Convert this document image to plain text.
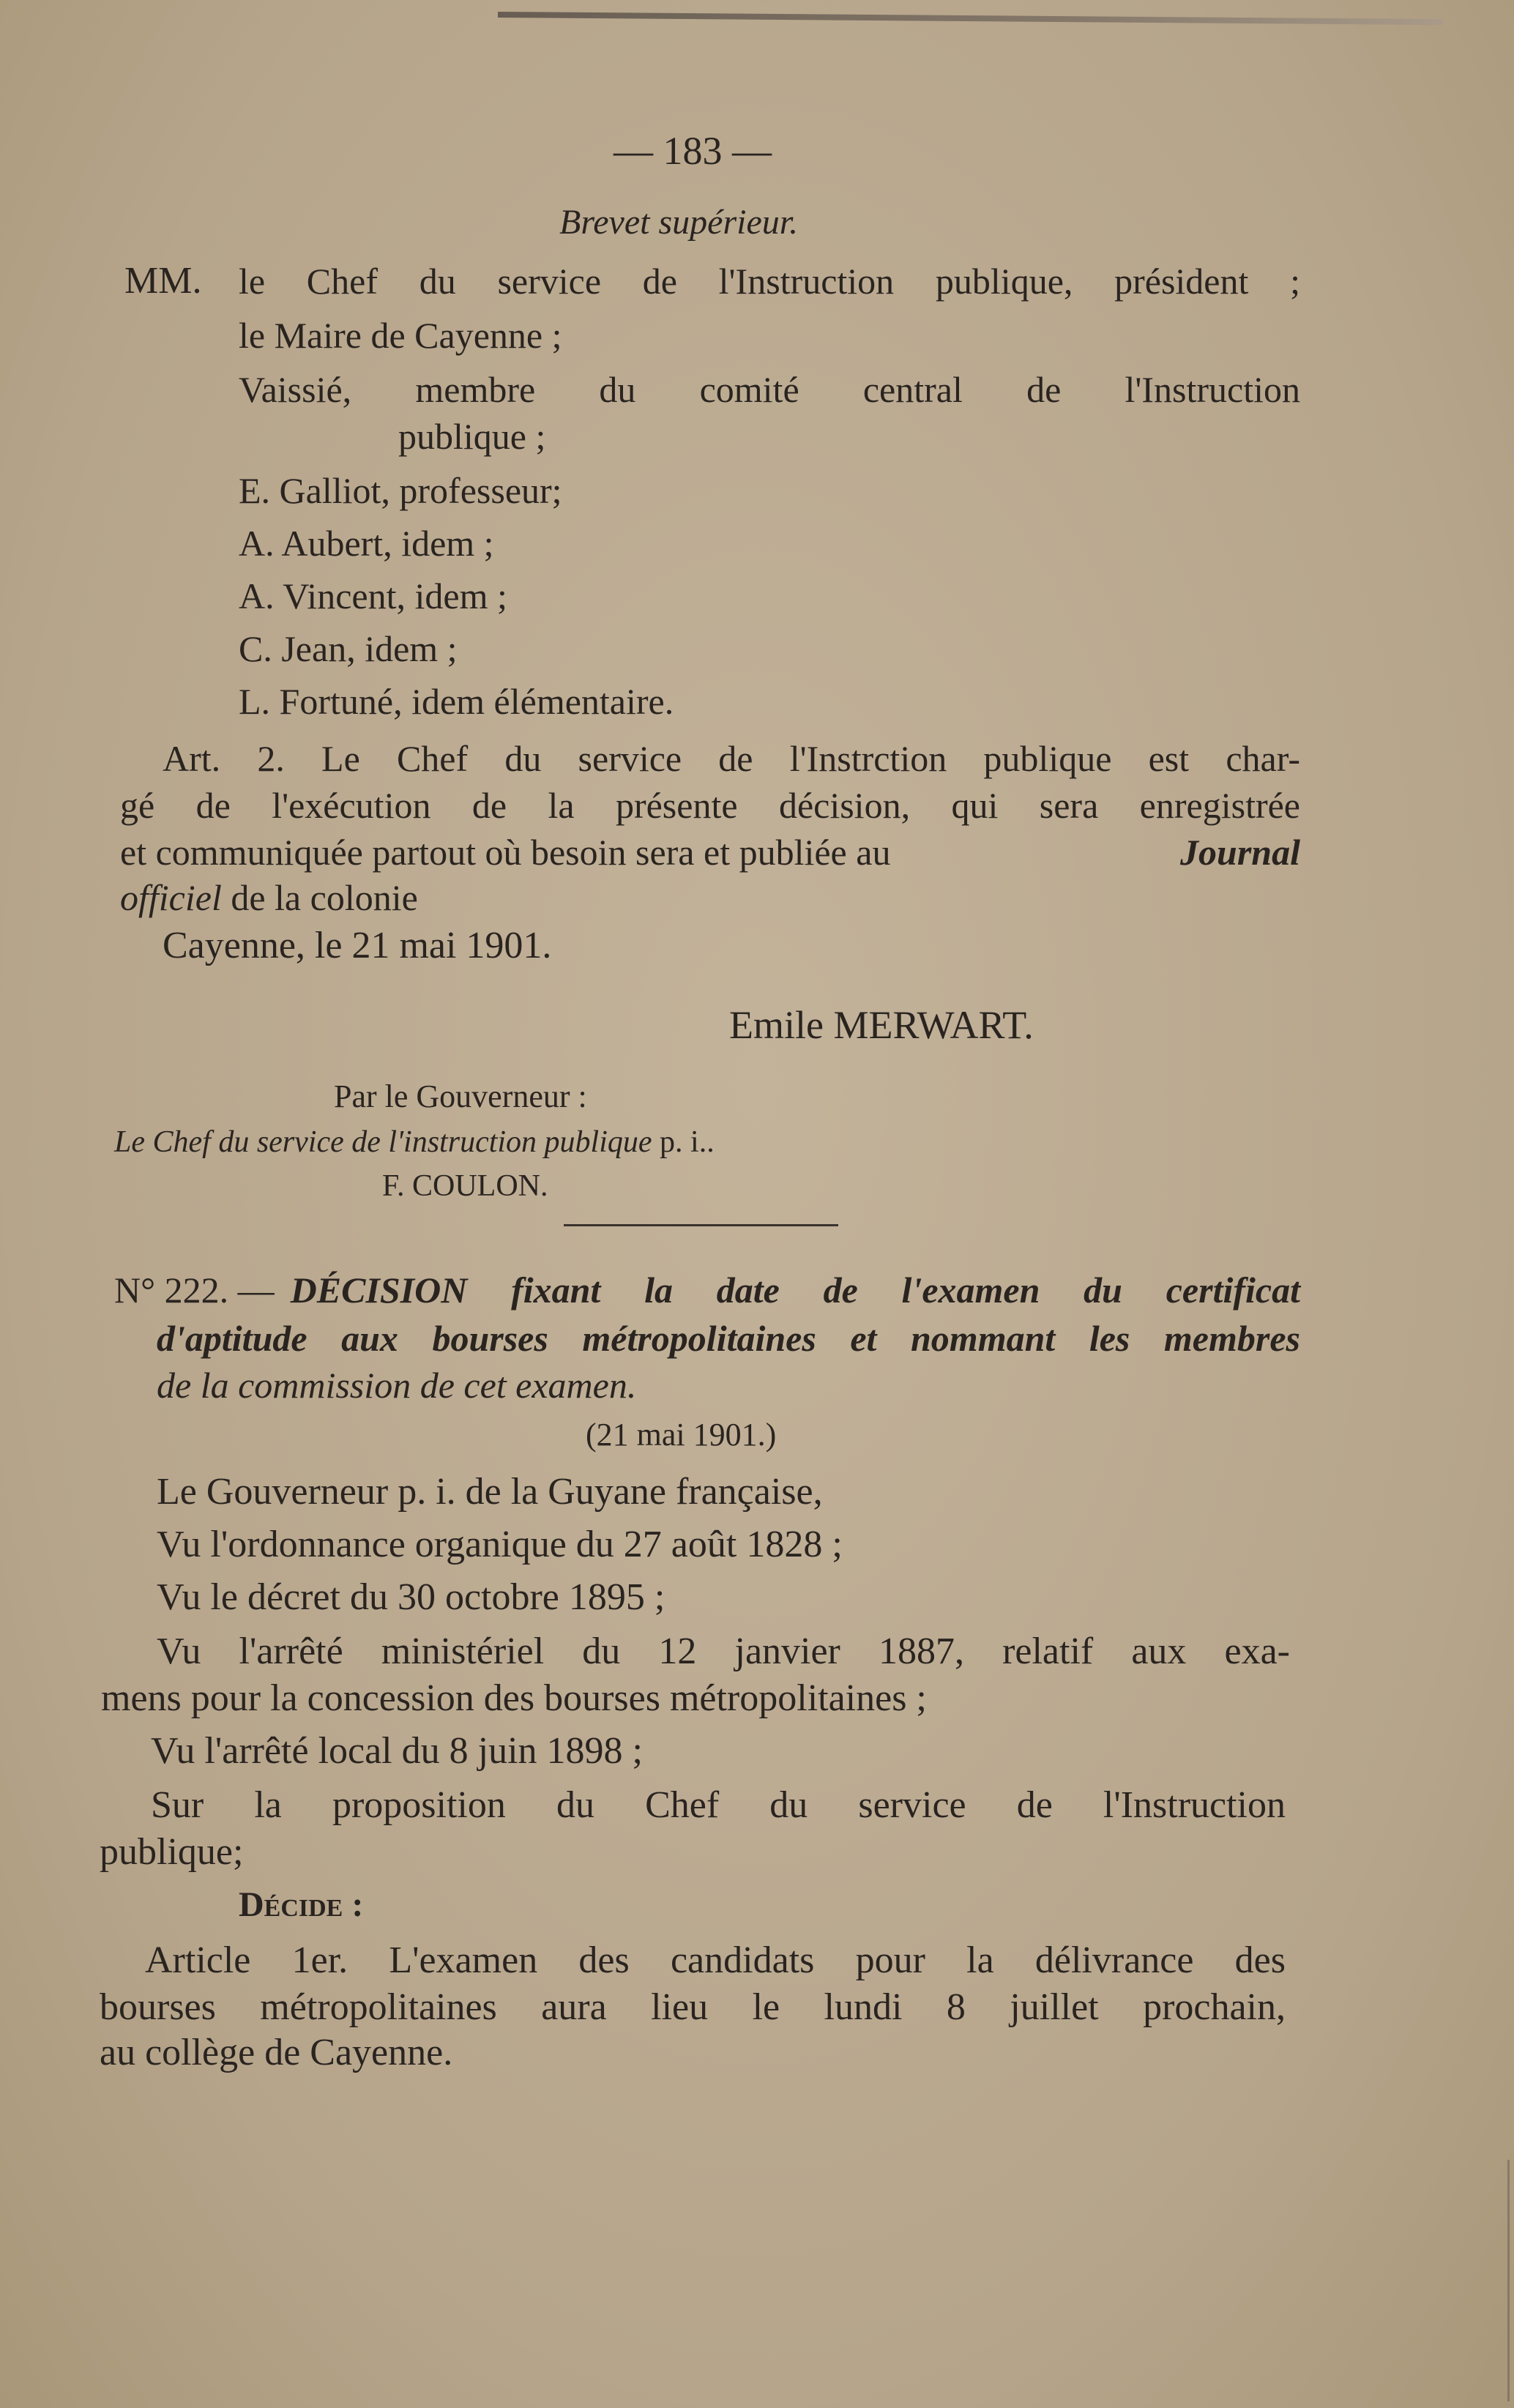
— 183 —
Brevet supérieur.
MM. le Chef du service de l'Instruction publique, président ;
le Maire de Cayenne ;
Vaissié, membre du comité central de l'Instruction
publique ;
E. Galliot, professeur;
A. Aubert, idem ;
A. Vincent, idem ;
C. Jean, idem ;
L. Fortuné, idem élémentaire.
Art. 2. Le Chef du service de l'Instrction publique est char-
gé de l'exécution de la présente décision, qui sera enregistrée
et communiquée partout où besoin sera et publiée au	Journal
officiel de la colonie
Cayenne, le 21 mai 1901.
Emile MERWART.
Par le Gouverneur :
Le Chef du service de l'instruction publique p. i..
F. COULON.
N° 222. — DÉCISION fixant la date de l'examen du certificat
d'aptitude aux bourses métropolitaines et nommant les membres
de la commission de cet examen.
(21 mai 1901.)
Le Gouverneur p. i. de la Guyane française,
Vu l'ordonnance organique du 27 août 1828 ;
Vu le décret du 30 octobre 1895 ;
Vu l'arrêté ministériel du 12 janvier 1887, relatif aux exa-
mens pour la concession des bourses métropolitaines ;
Vu l'arrêté local du 8 juin 1898 ;
Sur la proposition du Chef du service de l'Instruction
publique;
Décide :
Article 1er. L'examen des candidats pour la délivrance des
bourses métropolitaines aura lieu le lundi 8 juillet prochain,
au collège de Cayenne.
